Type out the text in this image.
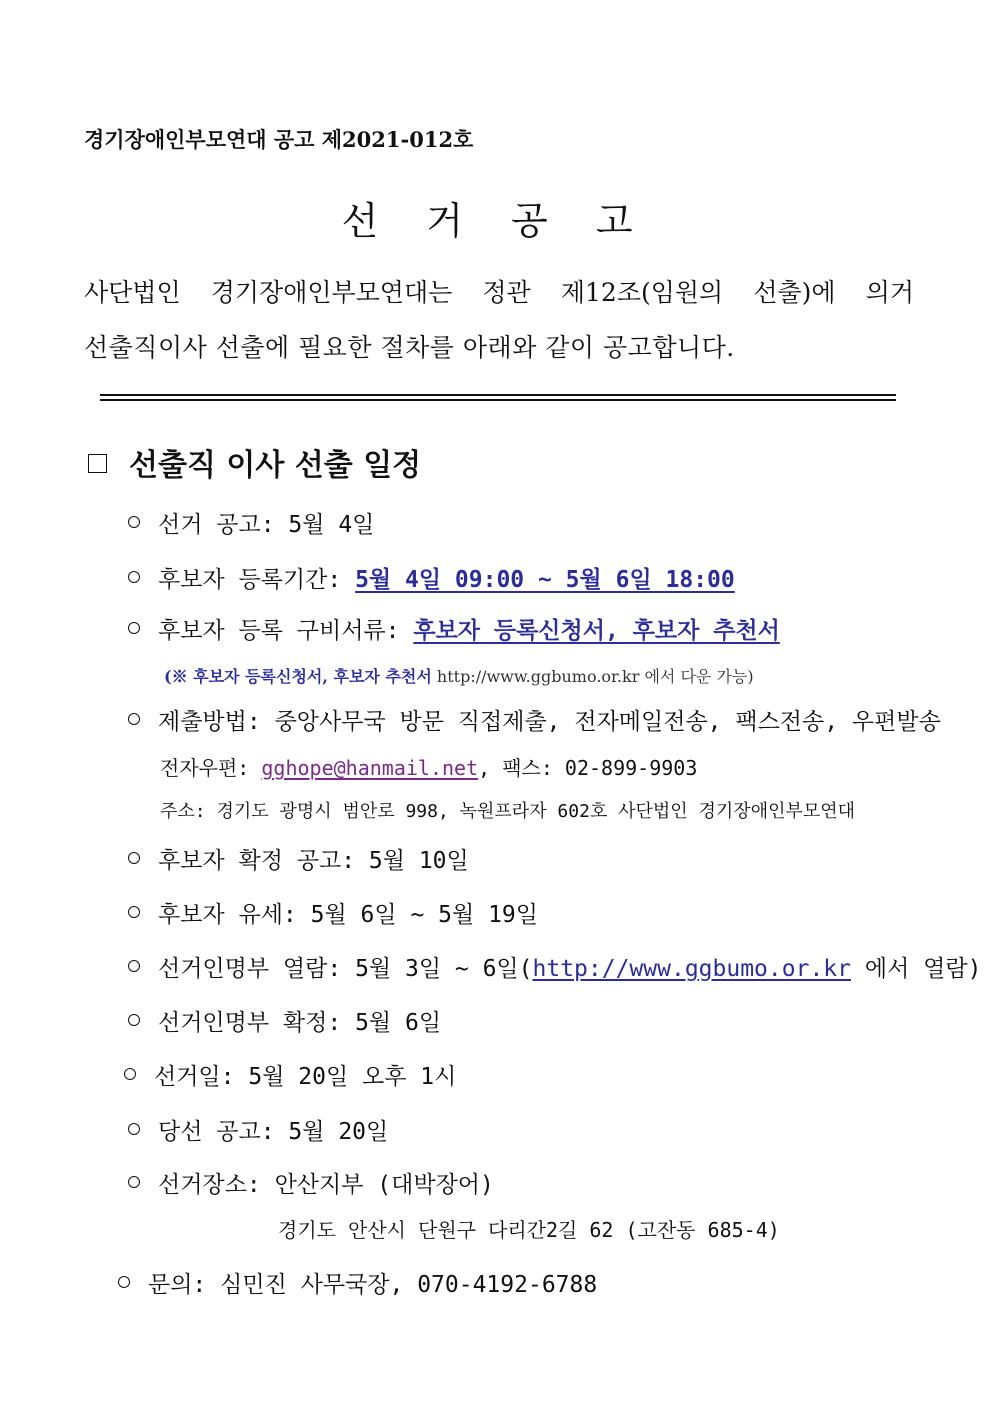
경기장애인부모연대 공고 제2021-012호
선 거 공 고
사단법인 경기장애인부모연대는 정관 제12조(임원의 선출)에 의거
선출직이사 선출에 필요한 절차를 아래와 같이 공고합니다.
선출직 이사 선출 일정
선거 공고: 5월 4일
후보자 등록기간: 5월 4일 09:00 ~ 5월 6일 18:00
후보자 등록 구비서류: 후보자 등록신청서, 후보자 추천서
(※ 후보자 등록신청서, 후보자 추천서 http://www.ggbumo.or.kr 에서 다운 가능)
제출방법: 중앙사무국 방문 직접제출, 전자메일전송, 팩스전송, 우편발송
전자우편: gghope@hanmail.net, 팩스: 02-899-9903
주소: 경기도 광명시 범안로 998, 녹원프라자 602호 사단법인 경기장애인부모연대
후보자 확정 공고: 5월 10일
후보자 유세: 5월 6일 ~ 5월 19일
선거인명부 열람: 5월 3일 ~ 6일(http://www.ggbumo.or.kr 에서 열람)
선거인명부 확정: 5월 6일
선거일: 5월 20일 오후 1시
당선 공고: 5월 20일
선거장소: 안산지부 (대박장어)
경기도 안산시 단원구 다리간2길 62 (고잔동 685-4)
문의: 심민진 사무국장, 070-4192-6788
